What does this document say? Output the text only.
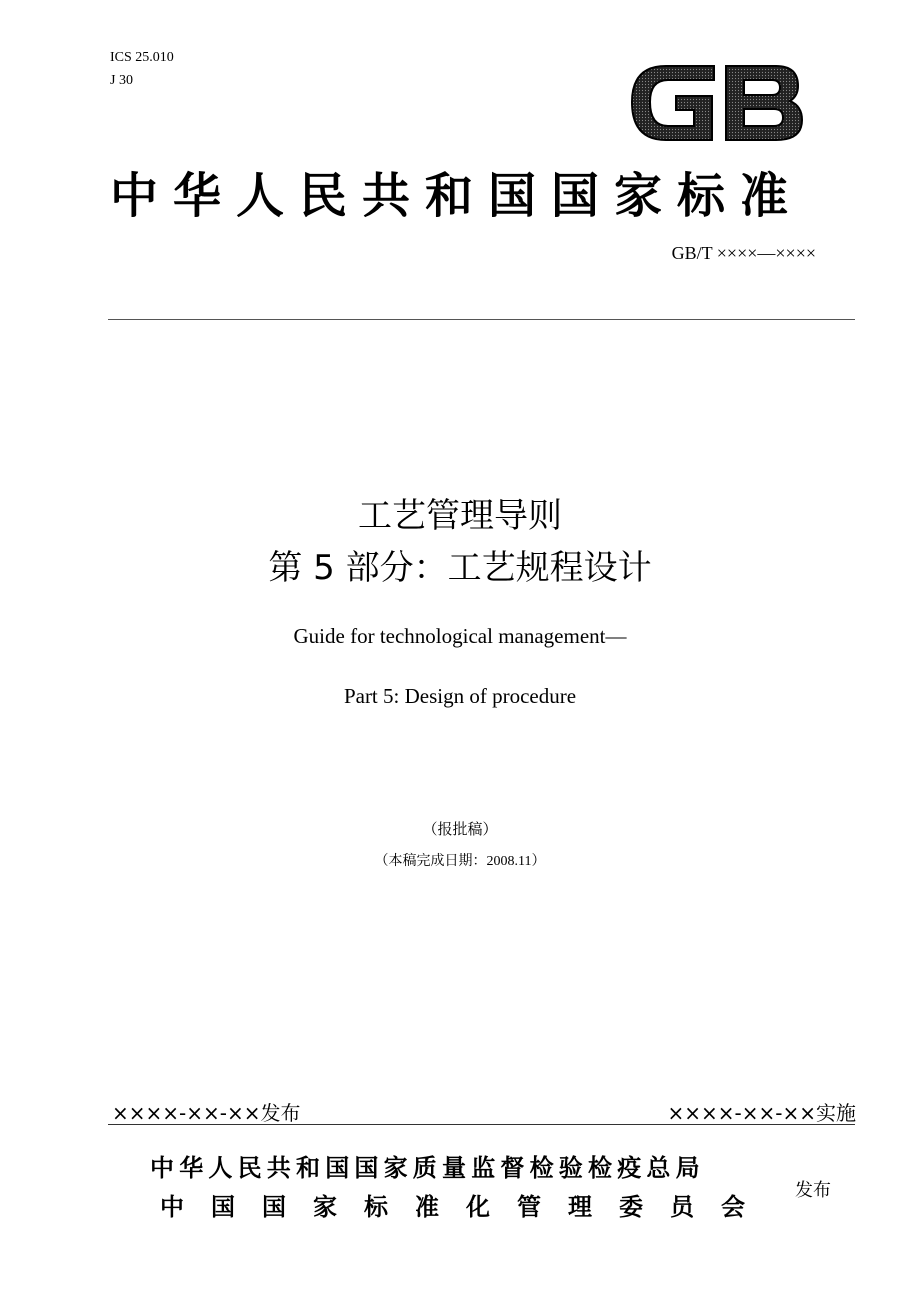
ICS 25.010
J 30
中华人民共和国国家标准
GB/T ××××—××××
工艺管理导则
第 5 部分：工艺规程设计
Guide for technological management—
Part 5: Design of procedure
（报批稿）
（本稿完成日期：2008.11）
××××-××-××发布	××××-××-××实施
中华人民共和国国家质量监督检验检疫总局
中国国家标准化管理委员会
发布
